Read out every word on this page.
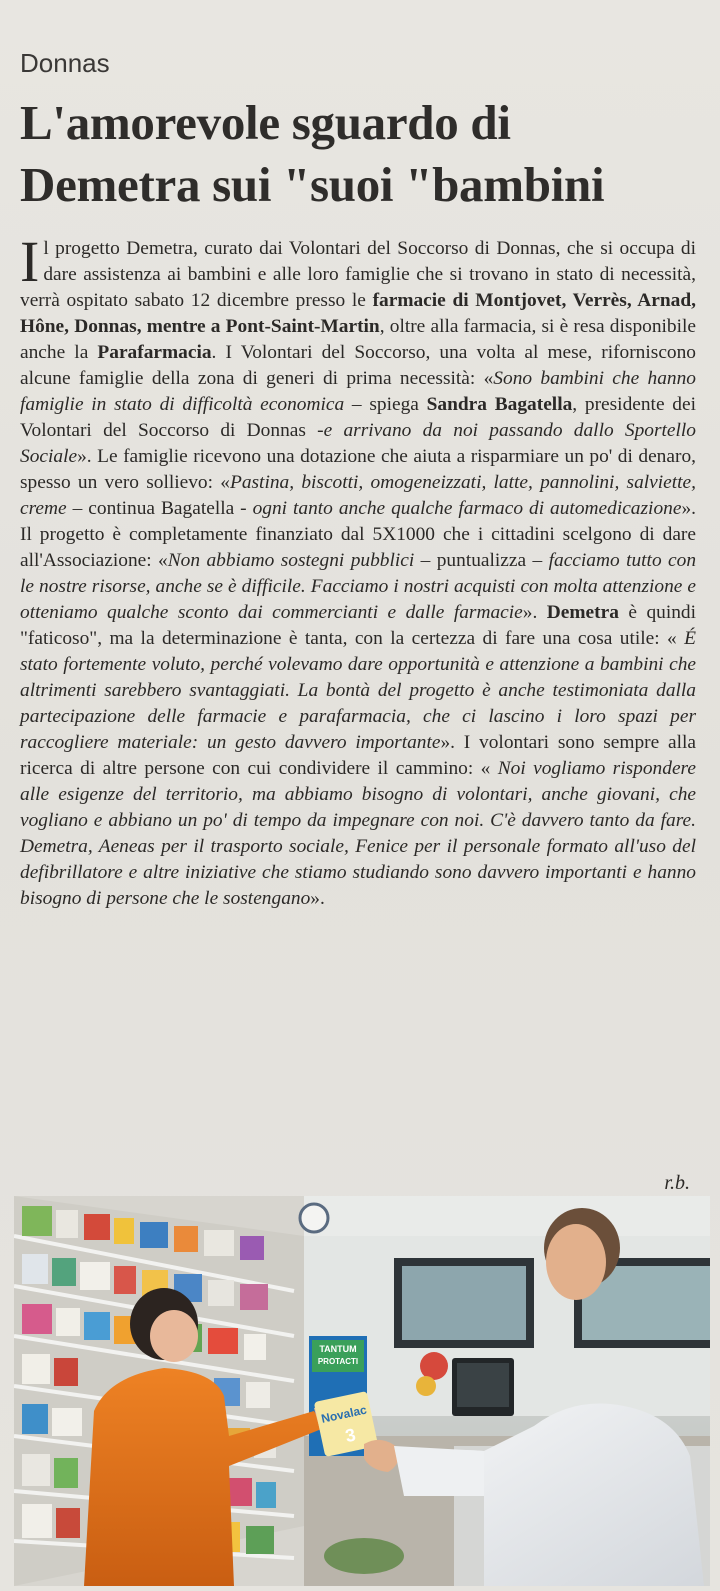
Donnas
L'amorevole sguardo di
Demetra sui "suoi "bambini
Il progetto Demetra, curato dai Volontari del Soccorso di Donnas, che si occupa di dare assistenza ai bambini e alle loro famiglie che si trovano in stato di necessità, verrà ospitato sabato 12 dicembre presso le farmacie di Montjovet, Verrès, Arnad, Hône, Donnas, mentre a Pont-Saint-Martin, oltre alla farmacia, si è resa disponibile anche la Parafarmacia. I Volontari del Soccorso, una volta al mese, riforniscono alcune famiglie della zona di generi di prima necessità: «Sono bambini che hanno famiglie in stato di difficoltà economica – spiega Sandra Bagatella, presidente dei Volontari del Soccorso di Donnas -e arrivano da noi passando dallo Sportello Sociale». Le famiglie ricevono una dotazione che aiuta a risparmiare un po' di denaro, spesso un vero sollievo: «Pastina, biscotti, omogeneizzati, latte, pannolini, salviette, creme – continua Bagatella - ogni tanto anche qualche farmaco di automedicazione». Il progetto è completamente finanziato dal 5X1000 che i cittadini scelgono di dare all'Associazione: «Non abbiamo sostegni pubblici – puntualizza – facciamo tutto con le nostre risorse, anche se è difficile. Facciamo i nostri acquisti con molta attenzione e otteniamo qualche sconto dai commercianti e dalle farmacie». Demetra è quindi "faticoso", ma la determinazione è tanta, con la certezza di fare una cosa utile: « É stato fortemente voluto, perché volevamo dare opportunità e attenzione a bambini che altrimenti sarebbero svantaggiati. La bontà del progetto è anche testimoniata dalla partecipazione delle farmacie e parafarmacia, che ci lascino i loro spazi per raccogliere materiale: un gesto davvero importante». I volontari sono sempre alla ricerca di altre persone con cui condividere il cammino: « Noi vogliamo rispondere alle esigenze del territorio, ma abbiamo bisogno di volontari, anche giovani, che vogliano e abbiano un po' di tempo da impegnare con noi. C'è davvero tanto da fare. Demetra, Aeneas per il trasporto sociale, Fenice per il personale formato all'uso del defibrillatore e altre iniziative che stiamo studiando sono davvero importanti e hanno bisogno di persone che le sostengano».
r.b.
TANTUM
PROTACTI
Novalac
3
